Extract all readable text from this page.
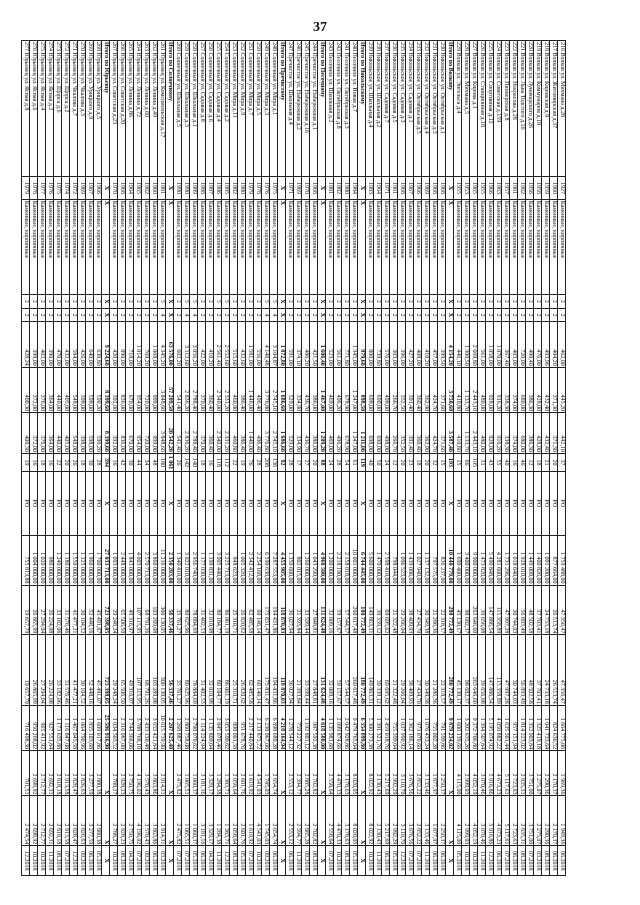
37
216 Волков ул. Мичмана д.28	1927	Каменные, кирпичные	2	2	462,00	445,20	442,10	37	РО	1 759 488,00	47 356,47	47 356,47	1 664 775,06	1 969,36	1 949,36	06.2018
217 Волков ул. Житомирская д.37	1960	Каменные, кирпичные	2	2	404,20	371,30	371,30	20	РО	877 664,00	26 513,74	26 513,74	824 636,52	2 170,37	2 170,37	06.2018
218 Волков ул. Кировская д.9	1959	Каменные, кирпичные	2	2	493,96	432,40	432,40	21	РО	1 091 200,00	24 733,18	24 733,18	1 041 733,64	2 290,36	2 290,36	08.2018
219 Волков ул. Коммунаров д.18	1958	Каменные, кирпичные	2	2	476,00	428,00	428,00	18	РО	1 400 826,00	37 703,41	37 703,41	1 325 419,18	2 275,07	2 275,07	03.2018
220 Волков ул. Луначарского д.26	1956	Каменные, кирпичные	2	2	490,40	386,30	386,30	12	РО	1 449 009,00	48 502,58	48 502,58	1 352 003,84	3 751,00	3 751,00	07.2018
221 Волков ул. Льва Толстого д.16	1962	Каменные, кирпичные	2	2	720,00	680,00	680,00	46	РО	1 928 010,00	56 893,49	56 893,49	1 814 223,02	2 835,31	2 835,31	08.2018
222 Волков ул. Некрасова д.28	1961	Каменные, кирпичные	2	2	403,00	374,00	374,00	16	РО	1 018 640,00	30 744,03	30 744,03	957 151,94	2 723,63	2 723,63	06.2018
223 Волков ул. Пионерская д.8	1957	Каменные, кирпичные	2	2	367,40	338,30	338,30	40	РО	1 731 296,00	47 997,28	47 997,28	1 635 301,44	5 117,61	5 117,61	07.2018
224 Волков ул. Советская д.159	1963	Каменные, кирпичные	2	2	1 070,00	916,20	916,20	55	РО	4 281 600,00	115 358,89	115 358,89	4 050 882,22	4 673,23	4 673,23	06.2018
225 Волков ул. Спортивная д.12	1966	Каменные, кирпичные	2	2	1 058,00	928,00	928,00	43	РО	5 490 848,00	147 886,54	147 886,54	5 195 074,92	5 916,86	5 916,86	12.2018
226 Волков ул. Станционная д.18	1955	Каменные, кирпичные	2	2	561,00	480,00	480,00	31	РО	1 473 820,00	39 656,08	39 656,08	1 394 507,84	3 070,46	3 070,46	11.2018
227 Волков ул. Кирова д.1	1965	Каменные, кирпичные	2	2	2 669,80	2 443,10	2 443,10	105	РО	9 900 000,00	263 646,60	263 646,60	9 372 706,80	4 052,19	4 052,19	10.2018
228 Волков ул. Мичмана д.5	1953	Каменные, кирпичные	2	2	1 300,50	1 133,70	1 133,70	66	РО	3 400 000,00	98 682,37	98 682,37	3 202 635,26	2 999,03	2 999,03	10.2018
229 Волков ул. Энгельса д.4	1955	Каменные, кирпичные	2	2	446,10	410,80	410,80	15	РО	1 690 400,00	45 130,17	45 130,17	1 600 139,66	4 115,00	4 115,00	05.2018
Итого по Волкову	X	X	X	X	4 154,20	3 750,60	3 587,40	193	X	10 440 779,00	280 772,49	280 772,49	9 879 234,02	X	X	X
230 Никольское ул. Октябрьская д.1	1968	Каменные, кирпичные	2	2	399,50	371,60	371,60	15	РО	836 237,00	22 318,57	22 318,57	791 599,86	2 250,37	2 250,37	06.2018
231 Никольское ул. Октябрьская д.3	1968	Каменные, кирпичные	2	2	457,00	424,70	424,70	32	РО	797 575,00	21 286,36	21 286,36	755 002,28	1 877,97	1 877,97	06.2018
232 Никольское ул. Октябрьская д.4	1969	Каменные, кирпичные	2	2	410,20	362,90	362,90	20	РО	1 137 132,00	30 349,38	30 349,38	1 076 433,24	3 133,46	3 133,46	11.2018
233 Никольское ул. Октябрьская д.5	1966	Каменные, кирпичные	2	2	408,00	360,40	360,40	18	РО	1 027 940,00	27 434,70	27 434,70	973 070,60	2 852,22	2 852,22	07.2018
234 Никольское ул. Садовая д.1	1967	Каменные, кирпичные	2	2	427,20	391,40	391,40	23	РО	1 439 006,00	38 409,93	38 409,93	1 362 186,14	3 676,56	3 676,56	07.2018
235 Никольское ул. Садовая д.3	1968	Каменные, кирпичные	2	2	396,00	352,50	352,50	20	РО	1 096 523,00	29 266,04	29 266,04	1 037 990,92	3 110,70	3 110,70	12.2018
236 Никольское ул. Садовая д.5	1961	Каменные, кирпичные	2	2	303,00	266,70	266,70	12	РО	798 044,00	21 322,48	21 322,48	755 399,04	2 992,29	2 992,29	05.2018
237 Никольское ул. Садовая д.7	1971	Каменные, кирпичные	2	2	576,00	498,00	498,00	24	РО	2 598 410,00	69 695,62	69 695,62	2 459 018,76	5 217,69	5 217,69	06.2018
238 Никольское ул. Школьная д.2	1964	Каменные, кирпичные	2	2	739,80	690,00	690,00	50	РО	1 470 000,00	39 339,12	39 339,12	1 391 321,76	2 130,43	2 130,43	11.2018
239 Никольское ул. Школьная д.4	1983	Каменные, кирпичные	2	2	800,00	698,00	698,00	40	РО	5 600 000,00	149 863,31	149 863,31	5 300 273,38	8 022,92	8 022,92	10.2018
Итого по Никольскому	X	X	X	X	979,60	898,50	1 211,00	119	X	6 744 445,00	180 772,49	180 772,49	6 354 899,80	X	X	X
240 Песочное ул. Новая д.7	1984	Каменные, кирпичные	2	2	1 345,00	1 247,00	1 247,00	61	РО	10 001 000,00	260 617,48	260 617,48	9 479 765,04	8 020,05	8 020,05	05.2018
241 Песочное ул. Октябрьская д.3	1980	Каменные, кирпичные	2	2	771,80	678,90	678,90	54	РО	2 158 018,00	57 544,57	57 544,57	2 042 928,86	3 178,63	3 178,63	08.2018
242 Песочное ул. Октябрьская д.8	1982	Каменные, кирпичные	2	2	561,00	496,20	496,20	28	РО	2 218 190,00	59 157,67	59 157,67	2 099 874,66	4 470,33	4 470,33	10.2018
243 Песочное ул. Школьная д.2	1981	Каменные, кирпичные	2	2	523,00	469,00	469,00	24	РО	1 200 000,00	32 009,16	32 009,16	1 135 981,68	2 558,64	2 558,64	07.2018
Итого по Песочному	X	X	X	X	1 606,40	1 467,00	1 209,20	88	X	4 960 500,00	131 624,48	131 624,48	4 618 580,00	X	X	X
244 Пречистое ул. Набережная д.1	1968	Каменные, кирпичные	2	2	421,50	386,00	386,00	20	РО	1 043 290,00	27 848,81	27 848,81	987 592,38	2 702,82	2 702,82	08.2018
245 Пречистое ул. Набережная д.16	1970	Каменные, кирпичные	2	2	486,20	436,70	436,70	27	РО	1 260 000,00	33 599,44	33 599,44	1 192 801,12	2 885,28	2 885,28	09.2018
246 Пречистое ул. Набережная д.2	1969	Каменные, кирпичные	2	2	374,10	334,90	334,90	17	РО	802 015,00	21 393,84	21 393,84	759 227,32	2 394,77	2 394,77	11.2018
247 Пречистое ул. Школьная д.4	1971	Каменные, кирпичные	2	2	591,00	529,00	529,00	28	РО	1 350 600,00	36 027,94	36 027,94	1 278 544,12	2 553,12	2 553,12	06.2018
Итого по Пречистому	X	X	X	X	1 872,80	1 686,60	1 686,60	92	X	4 455 905,00	118 870,03	118 870,03	4 218 164,94	X	X	X
248 Солнечный ул. Мира д.1	1975	Каменные, кирпичные	5	4	3 104,87	2 745,10	2 745,10	136	РО	7 287 553,00	194 431,86	194 431,86	6 898 689,28	2 654,74	2 654,74	06.2018
249 Солнечный ул. Мира д.3	1976	Каменные, кирпичные	5	4	4 146,48	3 776,80	3 776,80	208	РО	6 590 630,00	175 831,47	175 831,47	6 238 967,06	1 745,03	1 745,03	09.2018
250 Солнечный ул. Мира д.5	1978	Каменные, кирпичные	2	2	556,00	496,40	496,40	28	РО	2 254 168,00	60 146,14	60 146,14	2 133 875,72	4 541,03	4 541,03	10.2018
251 Солнечный ул. Мира д.7	1979	Каменные, кирпичные	2	2	1 581,00	1 446,00	1 446,00	76	РО	2 342 412,00	62 485,58	62 485,58	2 217 440,84	1 619,92	1 619,92	07.2018
252 Солнечный ул. Мира д.9	1980	Каменные, кирпичные	2	2	432,60	386,40	386,40	19	РО	1 005 320,00	26 820,62	26 820,62	951 678,76	2 601,76	2 601,76	05.2018
253 Солнечный ул. Мира д.11	1982	Каменные, кирпичные	2	2	515,60	460,80	460,80	22	РО	948 623,00	25 310,71	25 310,71	898 001,58	2 058,64	2 058,64	08.2018
254 Солнечный ул. Садовая д.2	1985	Каменные, кирпичные	5	2	2 552,60	2 331,20	2 331,20	112	РО	3 225 713,00	86 061,19	86 061,19	3 053 590,62	1 383,71	1 383,71	12.2018
255 Солнечный ул. Садовая д.4	1986	Каменные, кирпичные	5	2	2 561,40	2 340,00	2 340,00	118	РО	3 005 440,00	80 184,77	80 184,77	2 845 070,46	1 284,38	1 284,38	11.2018
256 Солнечный ул. Садовая д.6	1987	Каменные, кирпичные	2	2	410,20	360,40	360,40	16	РО	1 199 831,00	32 010,98	32 010,98	1 135 809,04	3 329,17	3 329,17	04.2018
257 Солнечный ул. Садовая д.8	1988	Каменные, кирпичные	2	2	422,00	370,00	370,00	18	РО	1 177 030,00	31 402,53	31 402,53	1 114 224,94	3 181,16	3 181,16	06.2018
258 Солнечный ул. Школьная д.1	1989	Каменные, кирпичные	5	4	3 056,20	2 788,40	2 788,40	140	РО	2 956 740,00	78 884,69	78 884,69	2 798 970,62	1 060,37	1 060,37	05.2018
259 Солнечный ул. Школьная д.3	1990	Каменные, кирпичные	5	4	3 112,60	2 836,20	2 836,20	142	РО	3 022 010,00	80 625,96	80 625,96	2 860 758,08	1 065,51	1 065,51	07.2018
260 Солнечный ул. Школьная д.5	1990	Каменные, кирпичные	2	2	602,20	541,40	541,40	26	РО	1 340 410,00	35 761,27	35 761,27	1 268 887,46	2 475,82	2 475,82	07.2018
Итого по Солнечному	X	X	X	X	63 576,00	57 209,50	20 542,20	1 061	X	2 350 203,00	56 337,46	56 337,46	2 207 625,40	X	X	X
261 Юрьевец ул. Комсомольская д.17	1981	Каменные, кирпичные	5	4	4 345,20	3 848,60	3 848,60	180	РО	11 216 000,00	300 130,05	300 130,05	10 615 739,90	2 914,31	2 914,31	03.2018
262 Юрьевец ул. Ленина д.49	1960	Каменные, кирпичные	2	2	1 068,00	999,00	999,00	48	РО	3 860 000,00	103 289,08	103 289,08	3 653 421,84	3 863,86	3 863,86	06.2018
263 Юрьевец ул. Ленина д.60	1962	Каменные, кирпичные	2	2	769,20	720,00	720,00	34	РО	2 570 713,00	68 791,26	68 791,26	2 433 130,48	3 570,43	3 570,43	09.2018
264 Юрьевец ул. Ленина д.72	1965	Каменные, кирпичные	2	2	1 014,20	954,00	954,00	44	РО	4 003 000,00	107 115,95	107 115,95	3 788 768,10	4 196,02	4 196,02	07.2018
265 Юрьевец ул. Ленина д.86	1964	Каменные, кирпичные	2	2	718,00	670,00	670,00	30	РО	1 843 000,00	49 316,97	49 316,97	1 744 366,06	2 750,75	2 750,75	04.2018
266 Юрьевец ул. Советская д.20	1968	Каменные, кирпичные	2	2	890,00	836,00	836,00	42	РО	2 448 000,00	65 506,50	65 506,50	2 316 987,00	2 928,23	2 928,23	08.2018
267 Юрьевец ул. Советская д.23	1970	Каменные, кирпичные	2	2	420,00	392,00	392,00	16	РО	1 093 000,00	29 248,24	29 248,24	1 034 503,52	2 788,27	2 788,27	10.2018
Итого по Юрьевцу	X	X	X	X	9 224,60	8 399,60	8 399,60	394	X	27 033 713,00	723 398,05	723 398,05	25 586 916,90	X	X	X
268 Юрьевец ул. Урицкого д.5	1966	Каменные, кирпичные	2	2	630,80	590,20	590,20	28	РО	1 700 000,00	45 491,07	45 491,07	1 609 017,86	2 880,38	2 880,38	05.2018
269 Юрьевец ул. Урицкого д.9	1967	Каменные, кирпичные	2	2	640,00	598,00	598,00	30	РО	1 960 000,00	52 448,16	52 448,16	1 855 103,68	3 277,59	3 277,59	06.2018
270 Юрьевец ул. Чкалова д.3	1969	Каменные, кирпичные	2	2	426,00	398,00	398,00	18	РО	1 125 000,00	30 104,52	30 104,52	1 064 790,96	2 826,63	2 826,63	09.2018
271 Юрьевец ул. Чкалова д.7	1972	Каменные, кирпичные	2	2	584,00	548,00	548,00	26	РО	1 550 000,00	41 477,21	41 477,21	1 467 045,58	2 828,47	2 828,47	12.2018
272 Юрьевец ул. Щорса д.2	1974	Каменные, кирпичные	2	2	432,00	405,00	405,00	20	РО	1 180 000,00	31 576,46	31 576,46	1 116 847,08	2 913,58	2 913,58	07.2018
273 Юрьевец ул. Щорса д.6	1975	Каменные, кирпичные	2	2	470,00	440,00	440,00	22	РО	1 240 000,00	33 182,06	33 182,06	1 173 635,88	2 818,18	2 818,18	08.2018
274 Юрьевец ул. Ясная д.2	1976	Каменные, кирпичные	2	2	390,00	364,00	364,00	16	РО	980 000,00	26 224,08	26 224,08	927 551,84	2 692,31	2 692,31	11.2018
275 Юрьевец ул. Ясная д.4	1977	Каменные, кирпичные	2	2	402,00	376,00	376,00	18	РО	1 020 000,00	27 294,04	27 294,04	965 411,92	2 712,77	2 712,77	10.2018
276 Юрьевец ул. Ясная д.6	1978	Каменные, кирпичные	2	2	398,00	372,00	372,00	16	РО	1 004 000,00	26 865,99	26 865,99	950 268,02	2 698,92	2 698,92	10.2018
277 Юрьевец ул. Ясная д.8	1979	Каменные, кирпичные	2	2	428,24	400,30	400,30	19	РО	755 813,88	19 657,79	19 657,79	716 498,30	701,51	2 474,54	12.2018
